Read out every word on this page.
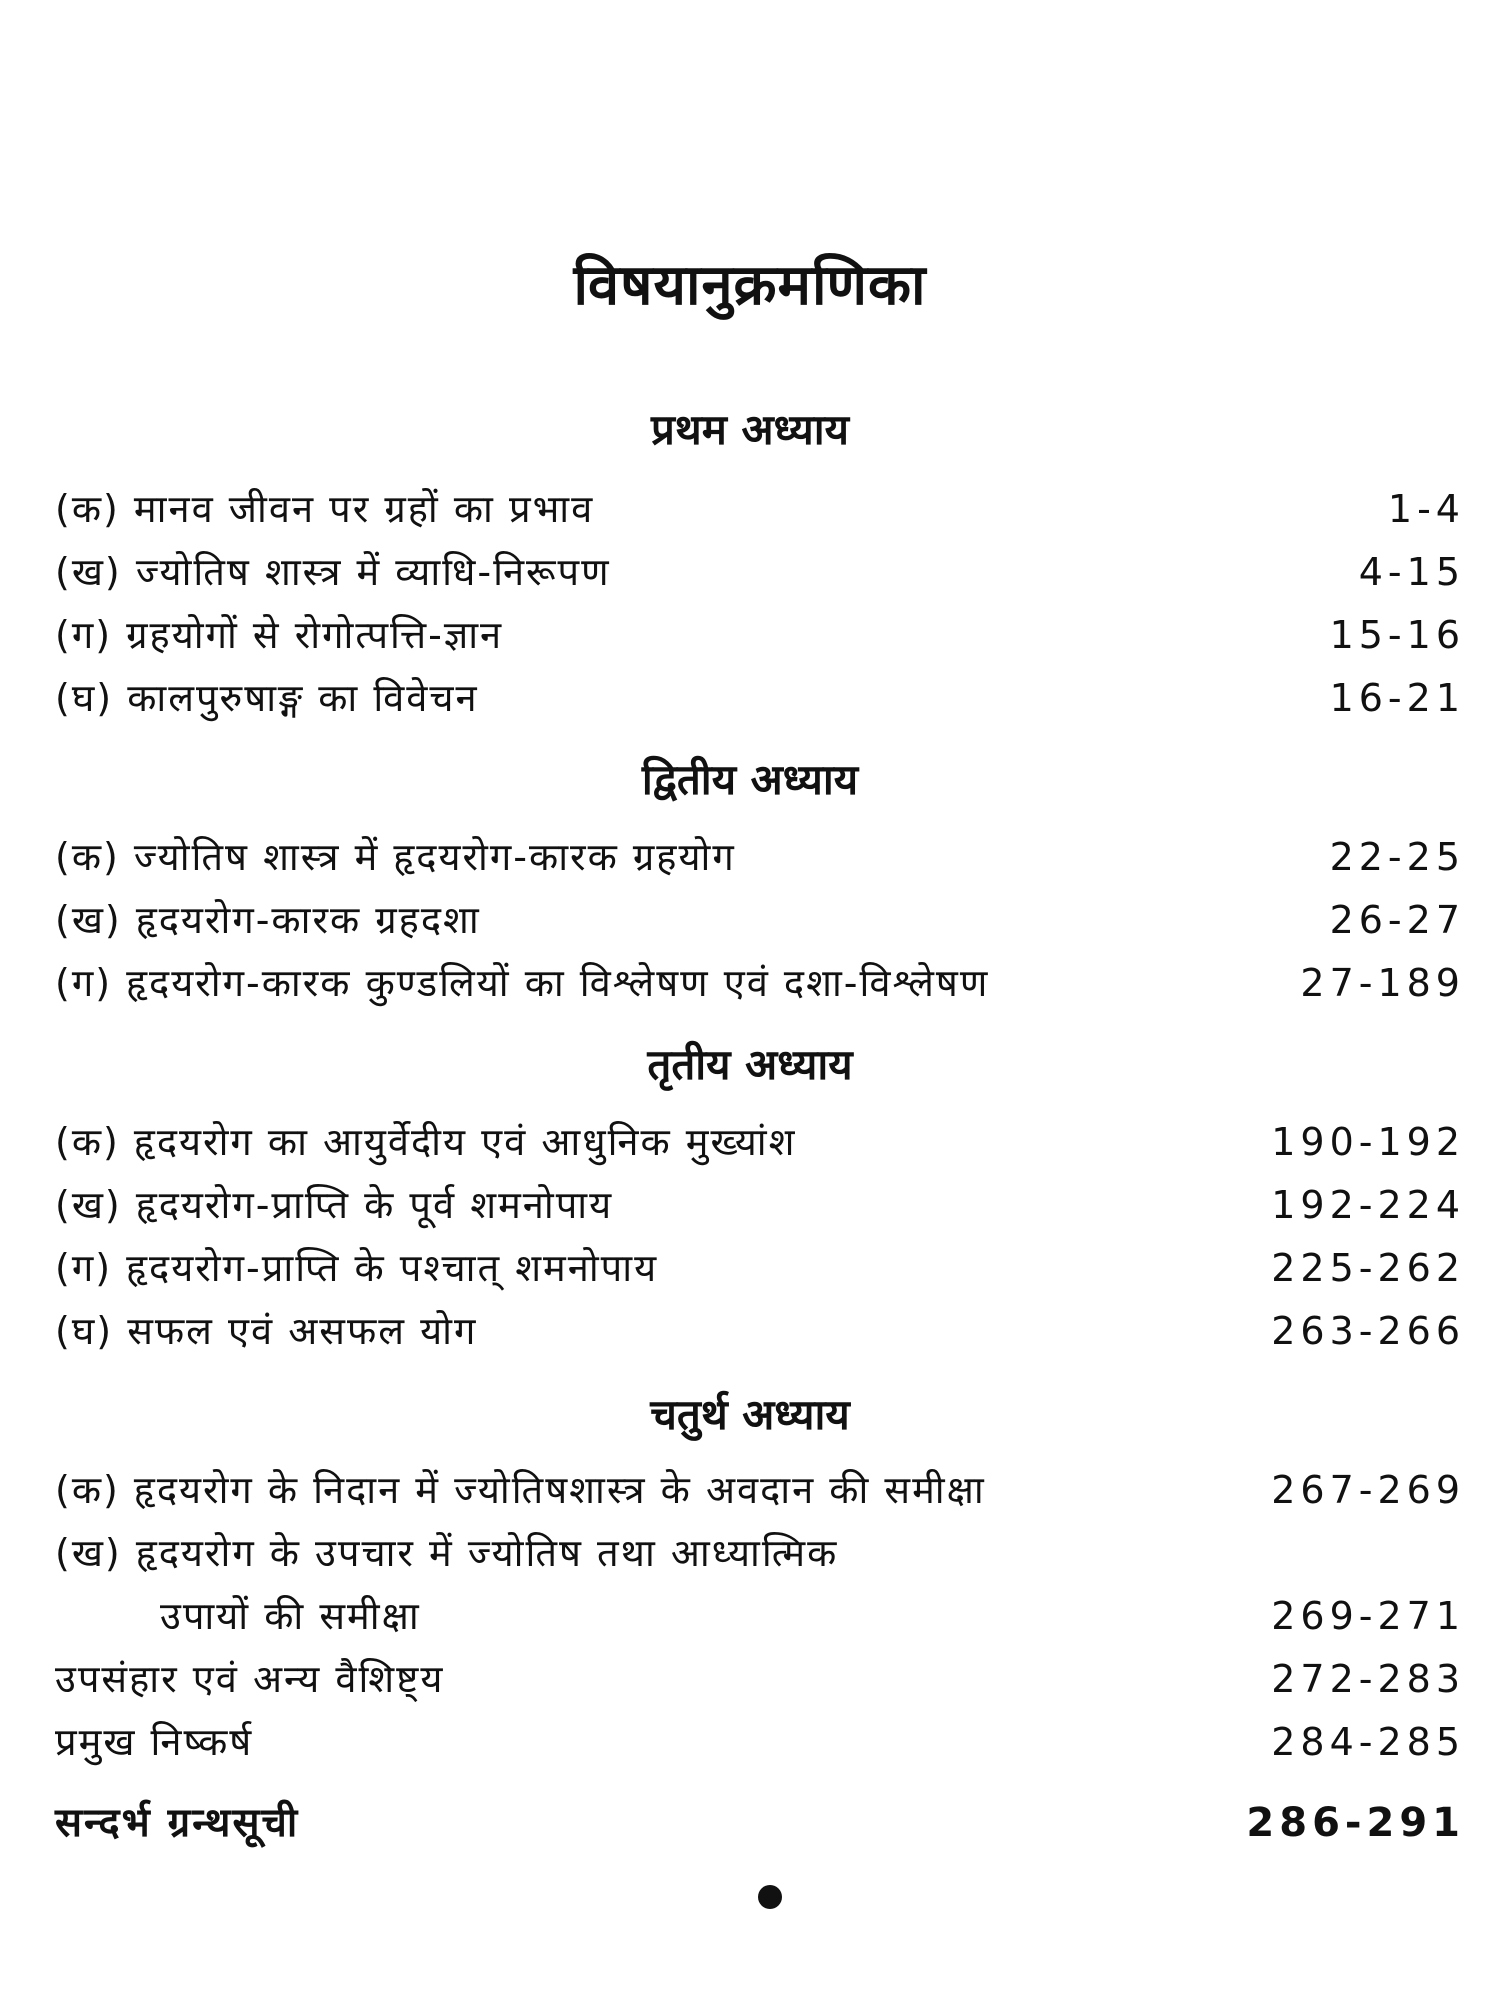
विषयानुक्रमणिका
प्रथम अध्याय
(क) मानव जीवन पर ग्रहों का प्रभाव	1-4
(ख) ज्योतिष शास्त्र में व्याधि-निरूपण	4-15
(ग) ग्रहयोगों से रोगोत्पत्ति-ज्ञान	15-16
(घ) कालपुरुषाङ्ग का विवेचन	16-21
द्वितीय अध्याय
(क) ज्योतिष शास्त्र में हृदयरोग-कारक ग्रहयोग	22-25
(ख) हृदयरोग-कारक ग्रहदशा	26-27
(ग) हृदयरोग-कारक कुण्डलियों का विश्लेषण एवं दशा-विश्लेषण	27-189
तृतीय अध्याय
(क) हृदयरोग का आयुर्वेदीय एवं आधुनिक मुख्यांश	190-192
(ख) हृदयरोग-प्राप्ति के पूर्व शमनोपाय	192-224
(ग) हृदयरोग-प्राप्ति के पश्चात् शमनोपाय	225-262
(घ) सफल एवं असफल योग	263-266
चतुर्थ अध्याय
(क) हृदयरोग के निदान में ज्योतिषशास्त्र के अवदान की समीक्षा	267-269
(ख) हृदयरोग के उपचार में ज्योतिष तथा आध्यात्मिक
उपायों की समीक्षा	269-271
उपसंहार एवं अन्य वैशिष्ट्य	272-283
प्रमुख निष्कर्ष	284-285
सन्दर्भ ग्रन्थसूची	286-291
